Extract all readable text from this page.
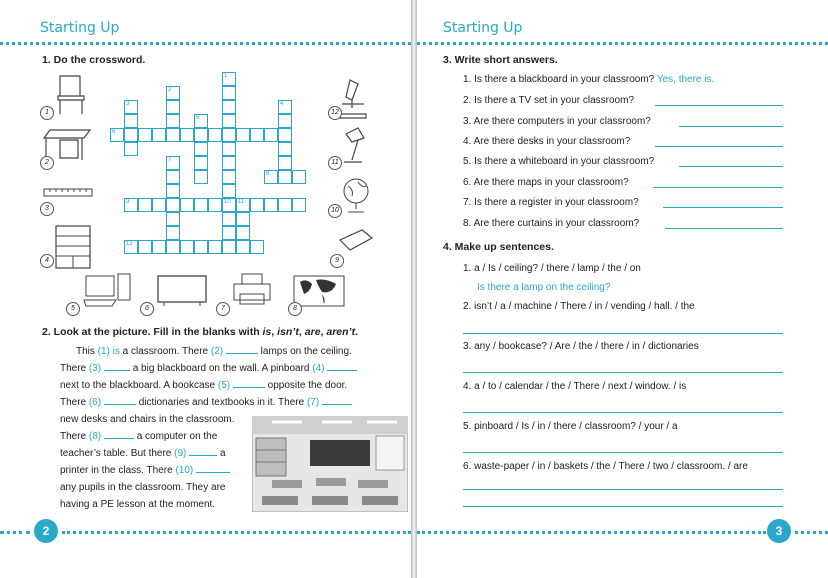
Starting Up
1. Do the crossword.
1
2
3
4
5	6	7	8
9
10
11
12
2. Look at the picture. Fill in the blanks with is, isn’t, are, aren’t.
This (1) is a classroom. There (2)	lamps on the ceiling.
There (3)	a big blackboard on the wall. A pinboard (4)
next to the blackboard. A bookcase (5)	opposite the door.
There (6)	dictionaries and textbooks in it. There (7)
new desks and chairs in the classroom.
There (8)	a computer on the
teacher’s table. But there (9)	a
printer in the class. There (10)
any pupils in the classroom. They are
having a PE lesson at the moment.
2
1
2
3	4
5
6
7
8
9	10 11
12
Starting Up
3. Write short answers.
1. Is there a blackboard in your classroom? Yes, there is.
2. Is there a TV set in your classroom?
3. Are there computers in your classroom?
4. Are there desks in your classroom?
5. Is there a whiteboard in your classroom?
6. Are there maps in your classroom?
7. Is there a register in your classroom?
8. Are there curtains in your classroom?
4. Make up sentences.
1. a / Is / ceiling? / there / lamp / the / on
Is there a lamp on the ceiling?
2. isn’t / a / machine / There / in / vending / hall. / the
3. any / bookcase? / Are / the / there / in / dictionaries
4. a / to / calendar / the / There / next / window. / is
5. pinboard / Is / in / there / classroom? / your / a
6. waste-paper / in / baskets / the / There / two / classroom. / are
3
